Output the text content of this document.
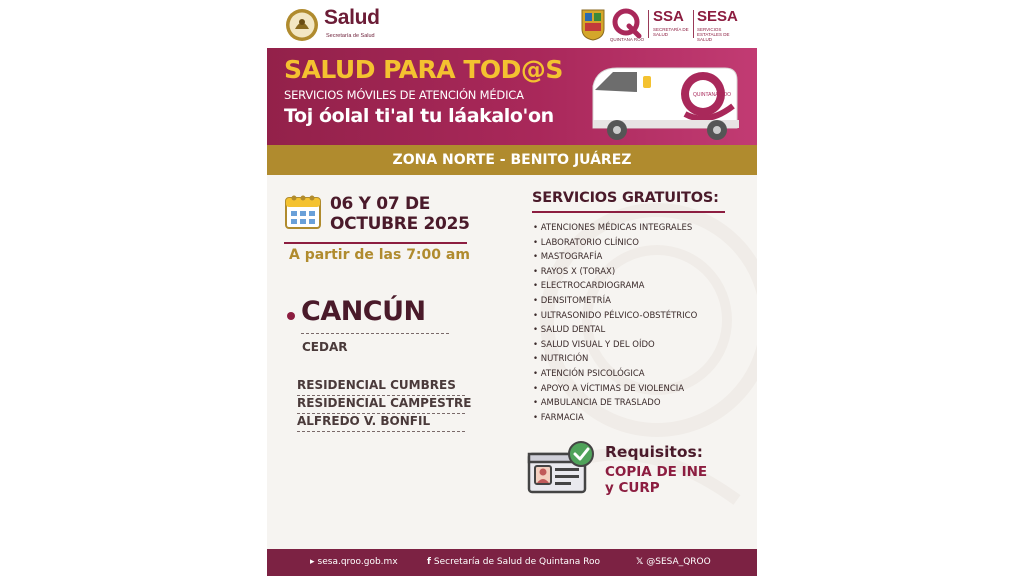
Salud
Secretaría de Salud
QUINTANA ROO
SSA
SECRETARÍA DE SALUD
SESA
SERVICIOS ESTATALES DE SALUD
SALUD PARA TOD@S
SERVICIOS MÓVILES DE ATENCIÓN MÉDICA
Toj óolal ti'al tu láakalo'on
QUINTANA ROO
ZONA NORTE - BENITO JUÁREZ
06 Y 07 DE
OCTUBRE 2025
A partir de las 7:00 am
CANCÚN
CEDAR
RESIDENCIAL CUMBRES
RESIDENCIAL CAMPESTRE
ALFREDO V. BONFIL
SERVICIOS GRATUITOS:
• ATENCIONES MÉDICAS INTEGRALES
• LABORATORIO CLÍNICO
• MASTOGRAFÍA
• RAYOS X (TORAX)
• ELECTROCARDIOGRAMA
• DENSITOMETRÍA
• ULTRASONIDO PÉLVICO-OBSTÉTRICO
• SALUD DENTAL
• SALUD VISUAL Y DEL OÍDO
• NUTRICIÓN
• ATENCIÓN PSICOLÓGICA
• APOYO A VÍCTIMAS DE VIOLENCIA
• AMBULANCIA DE TRASLADO
• FARMACIA
Requisitos:
COPIA DE INE
y CURP
▸ sesa.qroo.gob.mx	f Secretaría de Salud de Quintana Roo	𝕏 @SESA_QROO
